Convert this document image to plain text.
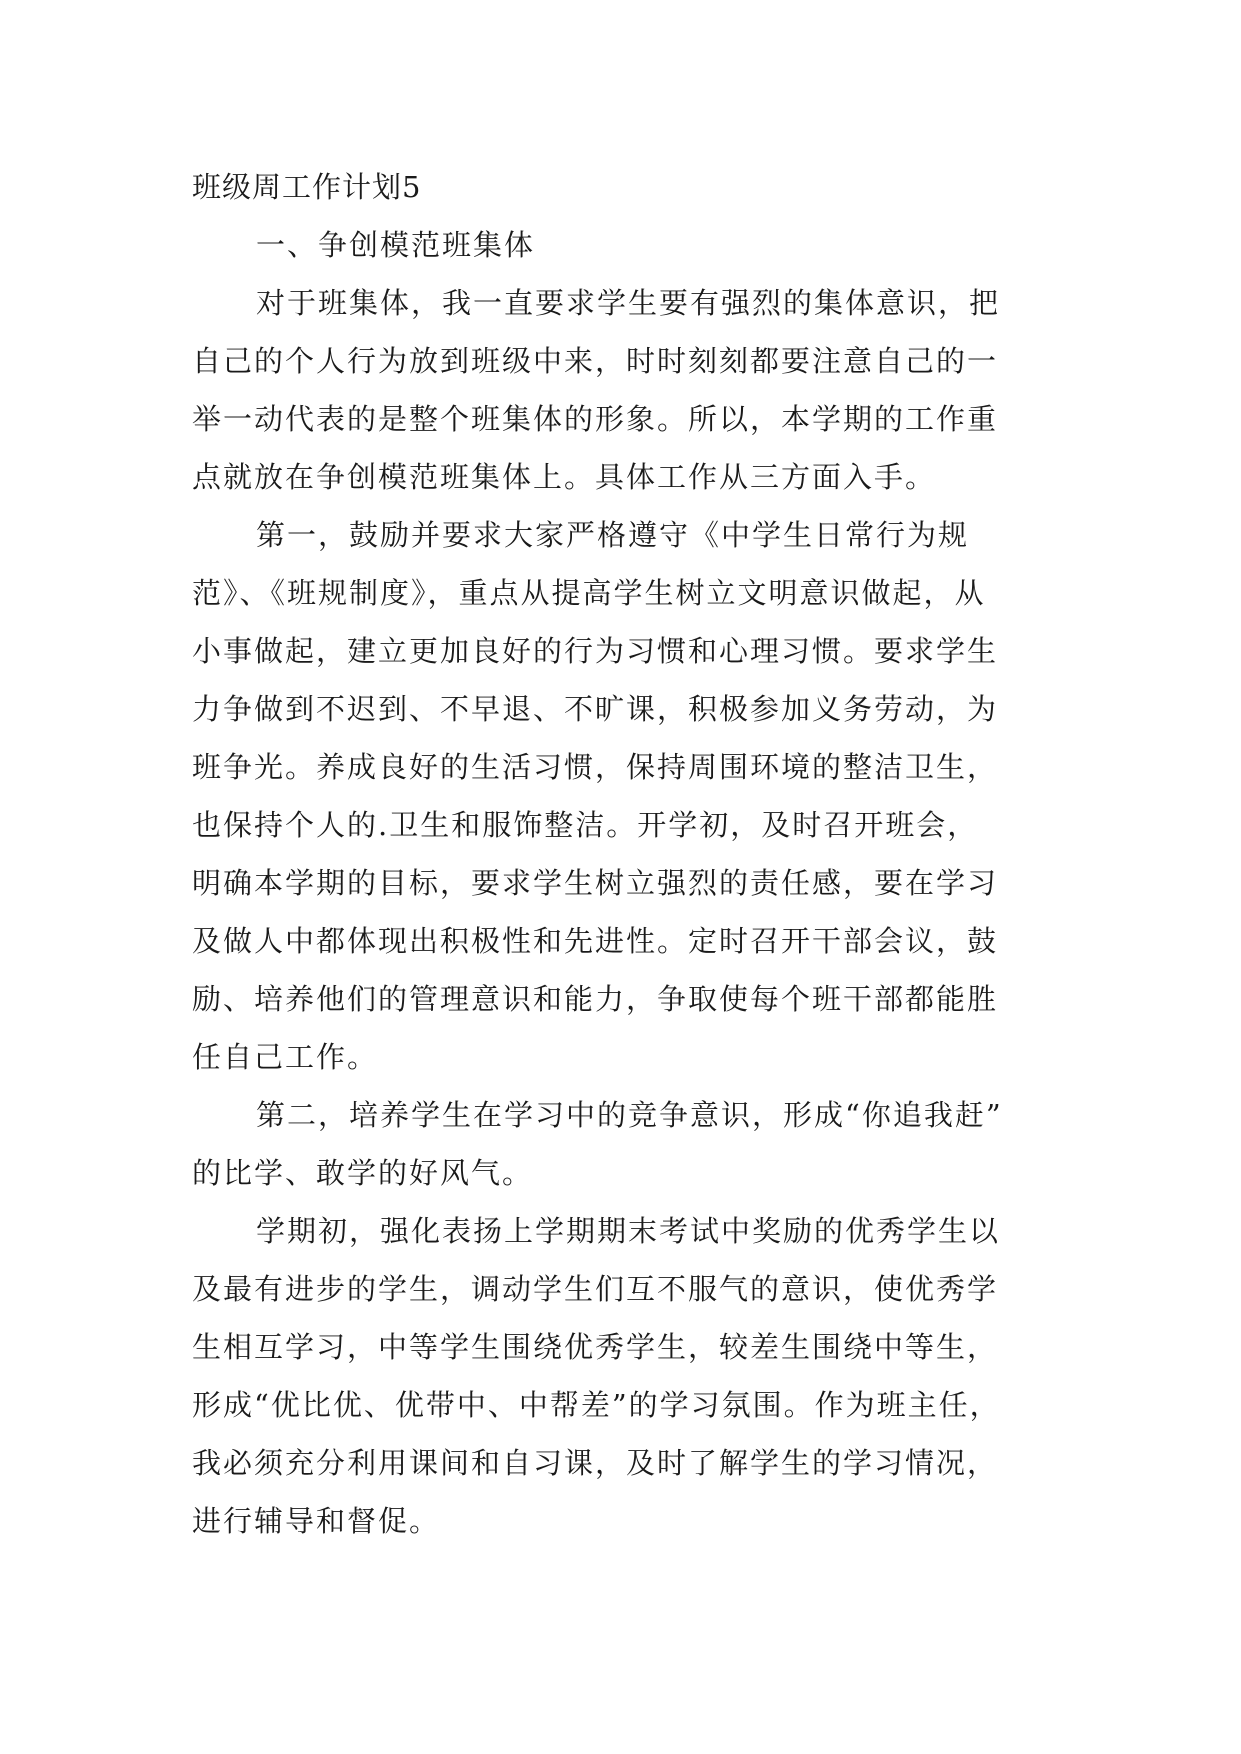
班级周工作计划5

一、争创模范班集体

对于班集体，我一直要求学生要有强烈的集体意识，把
自己的个人行为放到班级中来，时时刻刻都要注意自己的一
举一动代表的是整个班集体的形象。所以，本学期的工作重
点就放在争创模范班集体上。具体工作从三方面入手。

第一，鼓励并要求大家严格遵守《中学生日常行为规
范》、《班规制度》，重点从提高学生树立文明意识做起，从
小事做起，建立更加良好的行为习惯和心理习惯。要求学生
力争做到不迟到、不早退、不旷课，积极参加义务劳动，为
班争光。养成良好的生活习惯，保持周围环境的整洁卫生，
也保持个人的.卫生和服饰整洁。开学初，及时召开班会，
明确本学期的目标，要求学生树立强烈的责任感，要在学习
及做人中都体现出积极性和先进性。定时召开干部会议，鼓
励、培养他们的管理意识和能力，争取使每个班干部都能胜
任自己工作。

第二，培养学生在学习中的竞争意识，形成“你追我赶”
的比学、敢学的好风气。

学期初，强化表扬上学期期末考试中奖励的优秀学生以
及最有进步的学生，调动学生们互不服气的意识，使优秀学
生相互学习，中等学生围绕优秀学生，较差生围绕中等生，
形成“优比优、优带中、中帮差”的学习氛围。作为班主任，
我必须充分利用课间和自习课，及时了解学生的学习情况，
进行辅导和督促。
